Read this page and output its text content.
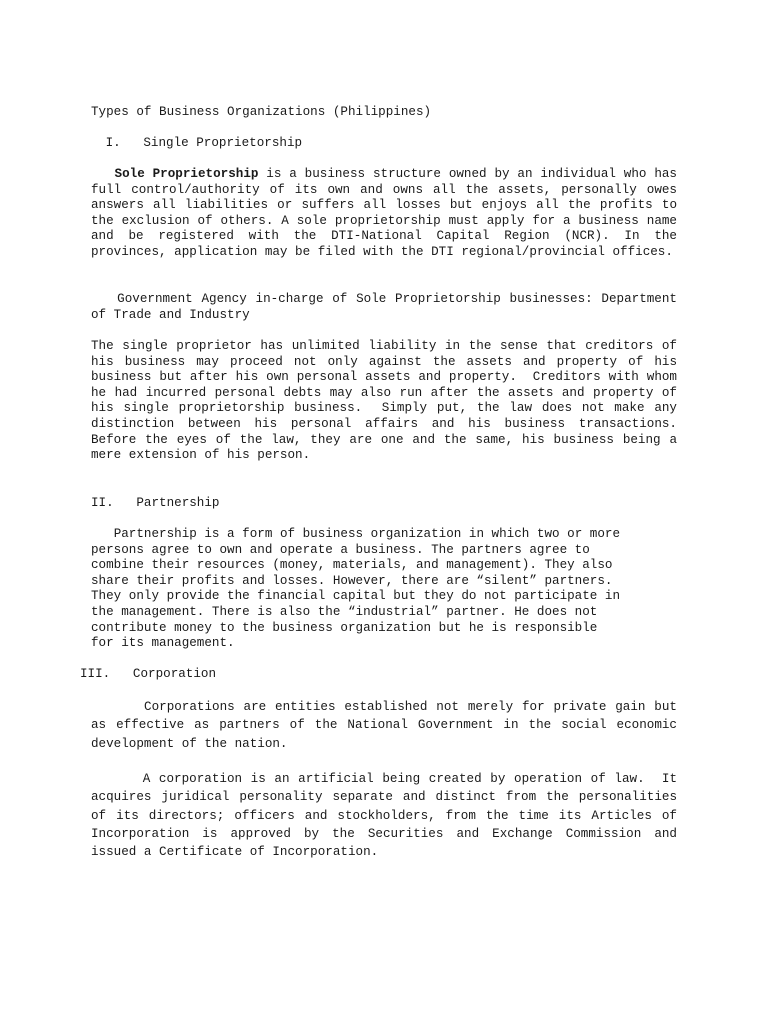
Types of Business Organizations (Philippines)

I.   Single Proprietorship

Sole Proprietorship is a business structure owned by an individual who has full control/authority of its own and owns all the assets, personally owes answers all liabilities or suffers all losses but enjoys all the profits to the exclusion of others. A sole proprietorship must apply for a business name and be registered with the DTI-National Capital Region (NCR). In the provinces, application may be filed with the DTI regional/provincial offices.

Government Agency in-charge of Sole Proprietorship businesses: Department of Trade and Industry

The single proprietor has unlimited liability in the sense that creditors of his business may proceed not only against the assets and property of his business but after his own personal assets and property.  Creditors with whom he had incurred personal debts may also run after the assets and property of his single proprietorship business.  Simply put, the law does not make any distinction between his personal affairs and his business transactions.  Before the eyes of the law, they are one and the same, his business being a mere extension of his person.

II.   Partnership

Partnership is a form of business organization in which two or more
persons agree to own and operate a business. The partners agree to
combine their resources (money, materials, and management). They also
share their profits and losses. However, there are “silent” partners.
They only provide the financial capital but they do not participate in
the management. There is also the “industrial” partner. He does not
contribute money to the business organization but he is responsible
for its management.

III.   Corporation

Corporations are entities established not merely for private gain but as effective as partners of the National Government in the social economic development of the nation.

A corporation is an artificial being created by operation of law.  It acquires juridical personality separate and distinct from the personalities of its directors; officers and stockholders, from the time its Articles of Incorporation is approved by the Securities and Exchange Commission and issued a Certificate of Incorporation.
